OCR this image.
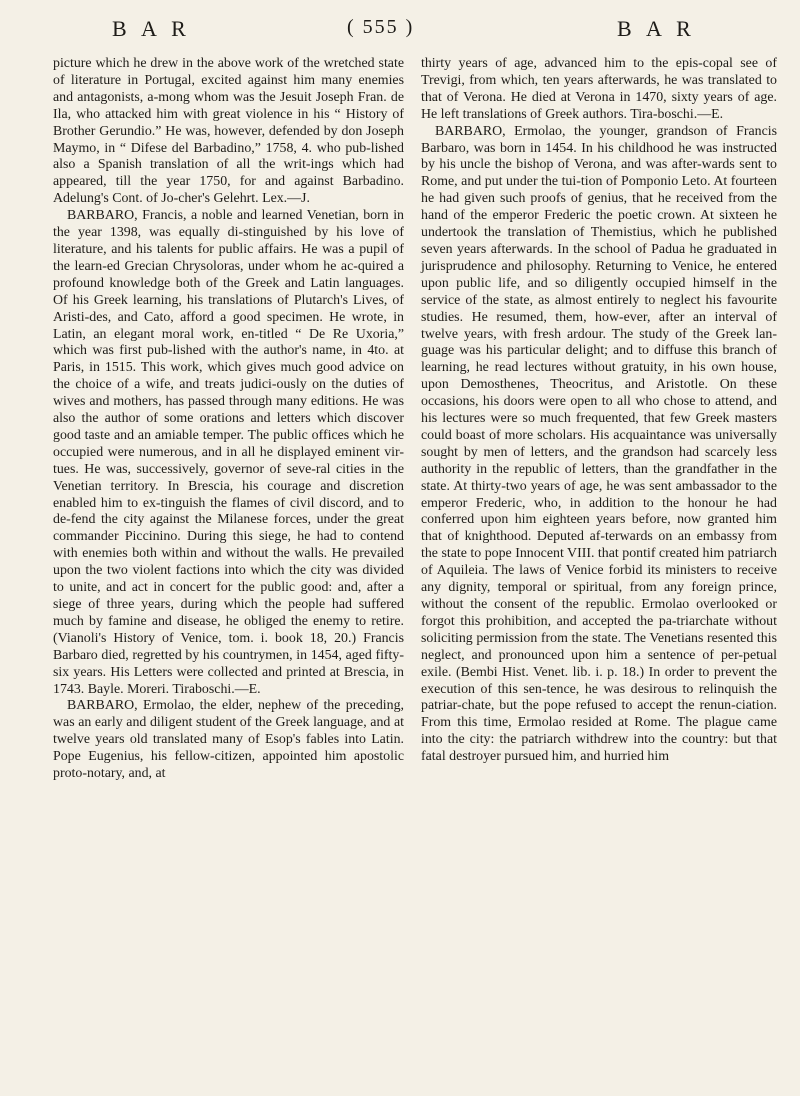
B A R	( 555 )	B A R

picture which he drew in the above work of the wretched state of literature in Portugal, excited against him many enemies and antagonists, a-mong whom was the Jesuit Joseph Fran. de Ila, who attacked him with great violence in his “ History of Brother Gerundio.” He was, however, defended by don Joseph Maymo, in “ Difese del Barbadino,” 1758, 4. who pub-lished also a Spanish translation of all the writ-ings which had appeared, till the year 1750, for and against Barbadino. Adelung's Cont. of Jo-cher's Gelehrt. Lex.—J.

BARBARO, Francis, a noble and learned Venetian, born in the year 1398, was equally di-stinguished by his love of literature, and his talents for public affairs. He was a pupil of the learn-ed Grecian Chrysoloras, under whom he ac-quired a profound knowledge both of the Greek and Latin languages. Of his Greek learning, his translations of Plutarch's Lives, of Aristi-des, and Cato, afford a good specimen. He wrote, in Latin, an elegant moral work, en-titled “ De Re Uxoria,” which was first pub-lished with the author's name, in 4to. at Paris, in 1515. This work, which gives much good advice on the choice of a wife, and treats judici-ously on the duties of wives and mothers, has passed through many editions. He was also the author of some orations and letters which discover good taste and an amiable temper. The public offices which he occupied were numerous, and in all he displayed eminent vir-tues. He was, successively, governor of seve-ral cities in the Venetian territory. In Brescia, his courage and discretion enabled him to ex-tinguish the flames of civil discord, and to de-fend the city against the Milanese forces, under the great commander Piccinino. During this siege, he had to contend with enemies both within and without the walls. He prevailed upon the two violent factions into which the city was divided to unite, and act in concert for the public good: and, after a siege of three years, during which the people had suffered much by famine and disease, he obliged the enemy to retire. (Vianoli's History of Venice, tom. i. book 18, 20.) Francis Barbaro died, regretted by his countrymen, in 1454, aged fifty-six years. His Letters were collected and printed at Brescia, in 1743. Bayle. Moreri. Tiraboschi.—E.

BARBARO, Ermolao, the elder, nephew of the preceding, was an early and diligent student of the Greek language, and at twelve years old translated many of Esop's fables into Latin. Pope Eugenius, his fellow-citizen, appointed him apostolic proto-notary, and, at

thirty years of age, advanced him to the epis-copal see of Trevigi, from which, ten years afterwards, he was translated to that of Verona. He died at Verona in 1470, sixty years of age. He left translations of Greek authors. Tira-boschi.—E.

BARBARO, Ermolao, the younger, grandson of Francis Barbaro, was born in 1454. In his childhood he was instructed by his uncle the bishop of Verona, and was after-wards sent to Rome, and put under the tui-tion of Pomponio Leto. At fourteen he had given such proofs of genius, that he received from the hand of the emperor Frederic the poetic crown. At sixteen he undertook the translation of Themistius, which he published seven years afterwards. In the school of Padua he graduated in jurisprudence and philosophy. Returning to Venice, he entered upon public life, and so diligently occupied himself in the service of the state, as almost entirely to neglect his favourite studies. He resumed, them, how-ever, after an interval of twelve years, with fresh ardour. The study of the Greek lan-guage was his particular delight; and to diffuse this branch of learning, he read lectures without gratuity, in his own house, upon Demosthenes, Theocritus, and Aristotle. On these occasions, his doors were open to all who chose to attend, and his lectures were so much frequented, that few Greek masters could boast of more scholars. His acquaintance was universally sought by men of letters, and the grandson had scarcely less authority in the republic of letters, than the grandfather in the state. At thirty-two years of age, he was sent ambassador to the emperor Frederic, who, in addition to the honour he had conferred upon him eighteen years before, now granted him that of knighthood. Deputed af-terwards on an embassy from the state to pope Innocent VIII. that pontif created him patriarch of Aquileia. The laws of Venice forbid its ministers to receive any dignity, temporal or spiritual, from any foreign prince, without the consent of the republic. Ermolao overlooked or forgot this prohibition, and accepted the pa-triarchate without soliciting permission from the state. The Venetians resented this neglect, and pronounced upon him a sentence of per-petual exile. (Bembi Hist. Venet. lib. i. p. 18.) In order to prevent the execution of this sen-tence, he was desirous to relinquish the patriar-chate, but the pope refused to accept the renun-ciation. From this time, Ermolao resided at Rome. The plague came into the city: the patriarch withdrew into the country: but that fatal destroyer pursued him, and hurried him
